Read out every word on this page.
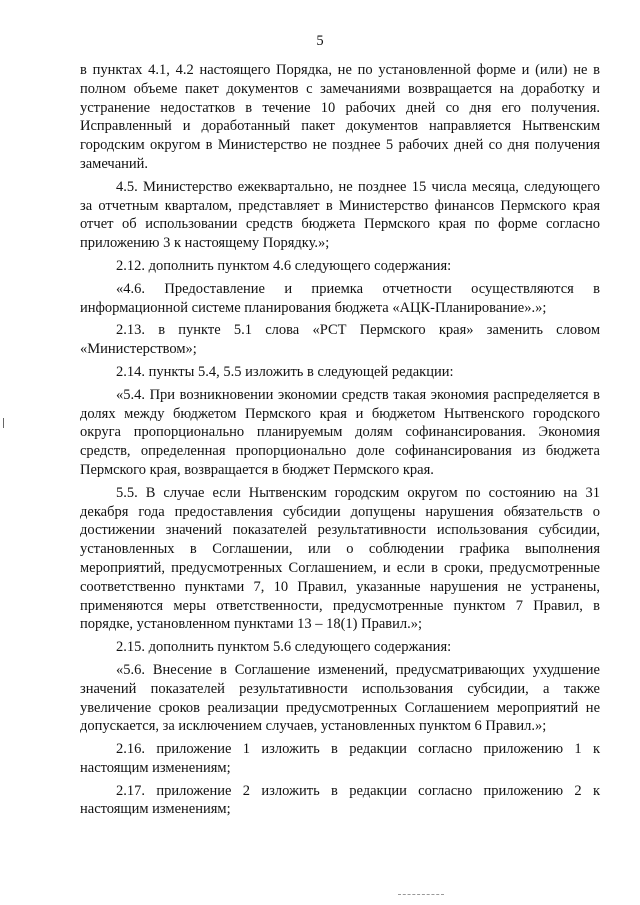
5

в пунктах 4.1, 4.2 настоящего Порядка, не по установленной форме и (или) не в полном объеме пакет документов с замечаниями возвращается на доработку и устранение недостатков в течение 10 рабочих дней со дня его получения. Исправленный и доработанный пакет документов направляется Нытвенским городским округом в Министерство не позднее 5 рабочих дней со дня получения замечаний.

4.5. Министерство ежеквартально, не позднее 15 числа месяца, следующего за отчетным кварталом, представляет в Министерство финансов Пермского края отчет об использовании средств бюджета Пермского края по форме согласно приложению 3 к настоящему Порядку.»;

2.12. дополнить пунктом 4.6 следующего содержания:

«4.6. Предоставление и приемка отчетности осуществляются в информационной системе планирования бюджета «АЦК-Планирование».»;

2.13. в пункте 5.1 слова «РСТ Пермского края» заменить словом «Министерством»;

2.14. пункты 5.4, 5.5 изложить в следующей редакции:

«5.4. При возникновении экономии средств такая экономия распределяется в долях между бюджетом Пермского края и бюджетом Нытвенского городского округа пропорционально планируемым долям софинансирования. Экономия средств, определенная пропорционально доле софинансирования из бюджета Пермского края, возвращается в бюджет Пермского края.

5.5. В случае если Нытвенским городским округом по состоянию на 31 декабря года предоставления субсидии допущены нарушения обязательств о достижении значений показателей результативности использования субсидии, установленных в Соглашении, или о соблюдении графика выполнения мероприятий, предусмотренных Соглашением, и если в сроки, предусмотренные соответственно пунктами 7, 10 Правил, указанные нарушения не устранены, применяются меры ответственности, предусмотренные пунктом 7 Правил, в порядке, установленном пунктами 13 – 18(1) Правил.»;

2.15. дополнить пунктом 5.6 следующего содержания:

«5.6. Внесение в Соглашение изменений, предусматривающих ухудшение значений показателей результативности использования субсидии, а также увеличение сроков реализации предусмотренных Соглашением мероприятий не допускается, за исключением случаев, установленных пунктом 6 Правил.»;

2.16. приложение 1 изложить в редакции согласно приложению 1 к настоящим изменениям;

2.17. приложение 2 изложить в редакции согласно приложению 2 к настоящим изменениям;
